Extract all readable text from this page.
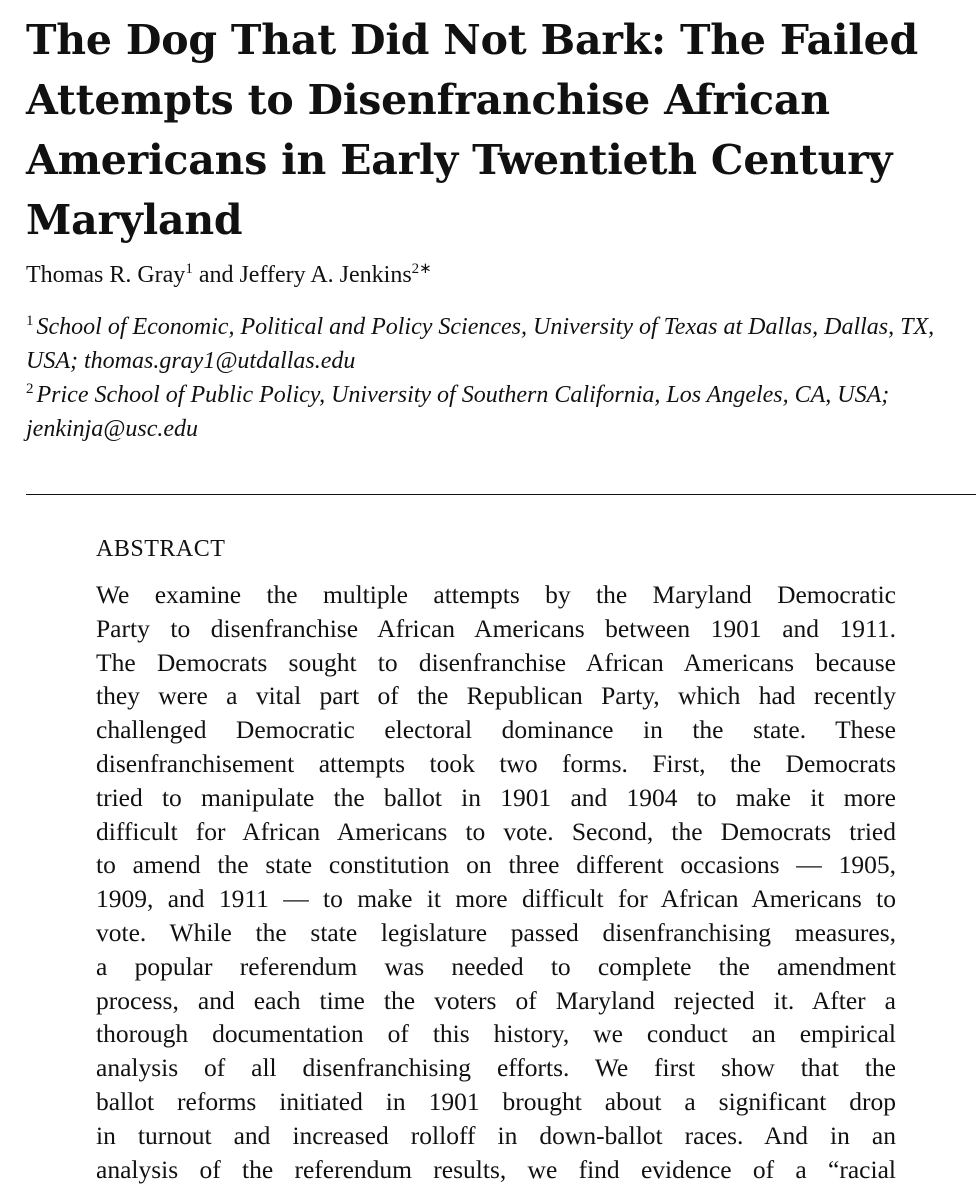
The Dog That Did Not Bark: The Failed Attempts to Disenfranchise African Americans in Early Twentieth Century Maryland
Thomas R. Gray$^1$ and Jeffery A. Jenkins$^{2∗}$

$^1$ School of Economic, Political and Policy Sciences, University of Texas at Dallas, Dallas, TX, USA; thomas.gray1@utdallas.edu

$^2$ Price School of Public Policy, University of Southern California, Los Angeles, CA, USA; jenkinja@usc.edu

ABSTRACT
We examine the multiple attempts by the Maryland Democratic
Party to disenfranchise African Americans between 1901 and 1911.
The Democrats sought to disenfranchise African Americans because
they were a vital part of the Republican Party, which had recently
challenged Democratic electoral dominance in the state. These
disenfranchisement attempts took two forms. First, the Democrats
tried to manipulate the ballot in 1901 and 1904 to make it more
difficult for African Americans to vote. Second, the Democrats tried
to amend the state constitution on three different occasions — 1905,
1909, and 1911 — to make it more difficult for African Americans to
vote. While the state legislature passed disenfranchising measures,
a popular referendum was needed to complete the amendment
process, and each time the voters of Maryland rejected it. After a
thorough documentation of this history, we conduct an empirical
analysis of all disenfranchising efforts. We first show that the
ballot reforms initiated in 1901 brought about a significant drop
in turnout and increased rolloff in down-ballot races. And in an
analysis of the referendum results, we find evidence of a “racial
